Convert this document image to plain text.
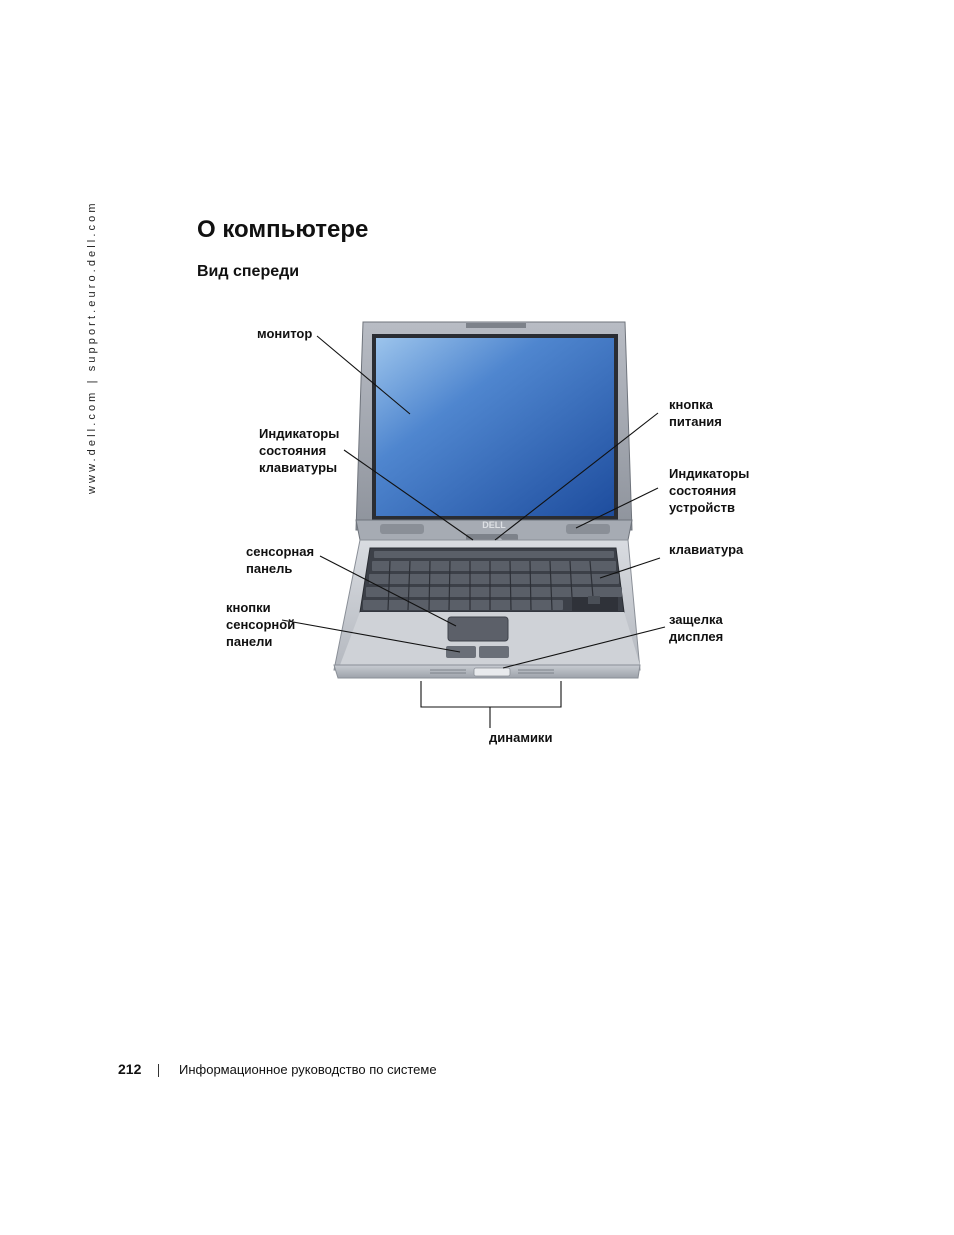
www.dell.com | support.euro.dell.com	О компьютере
Вид спереди
DELL
монитор
Индикаторы
состояния
клавиатуры
сенсорная
панель
кнопки
сенсорной
панели
кнопка
питания
Индикаторы
состояния
устройств
клавиатура
защелка
дисплея
динамики
212	Информационное руководство по системе
